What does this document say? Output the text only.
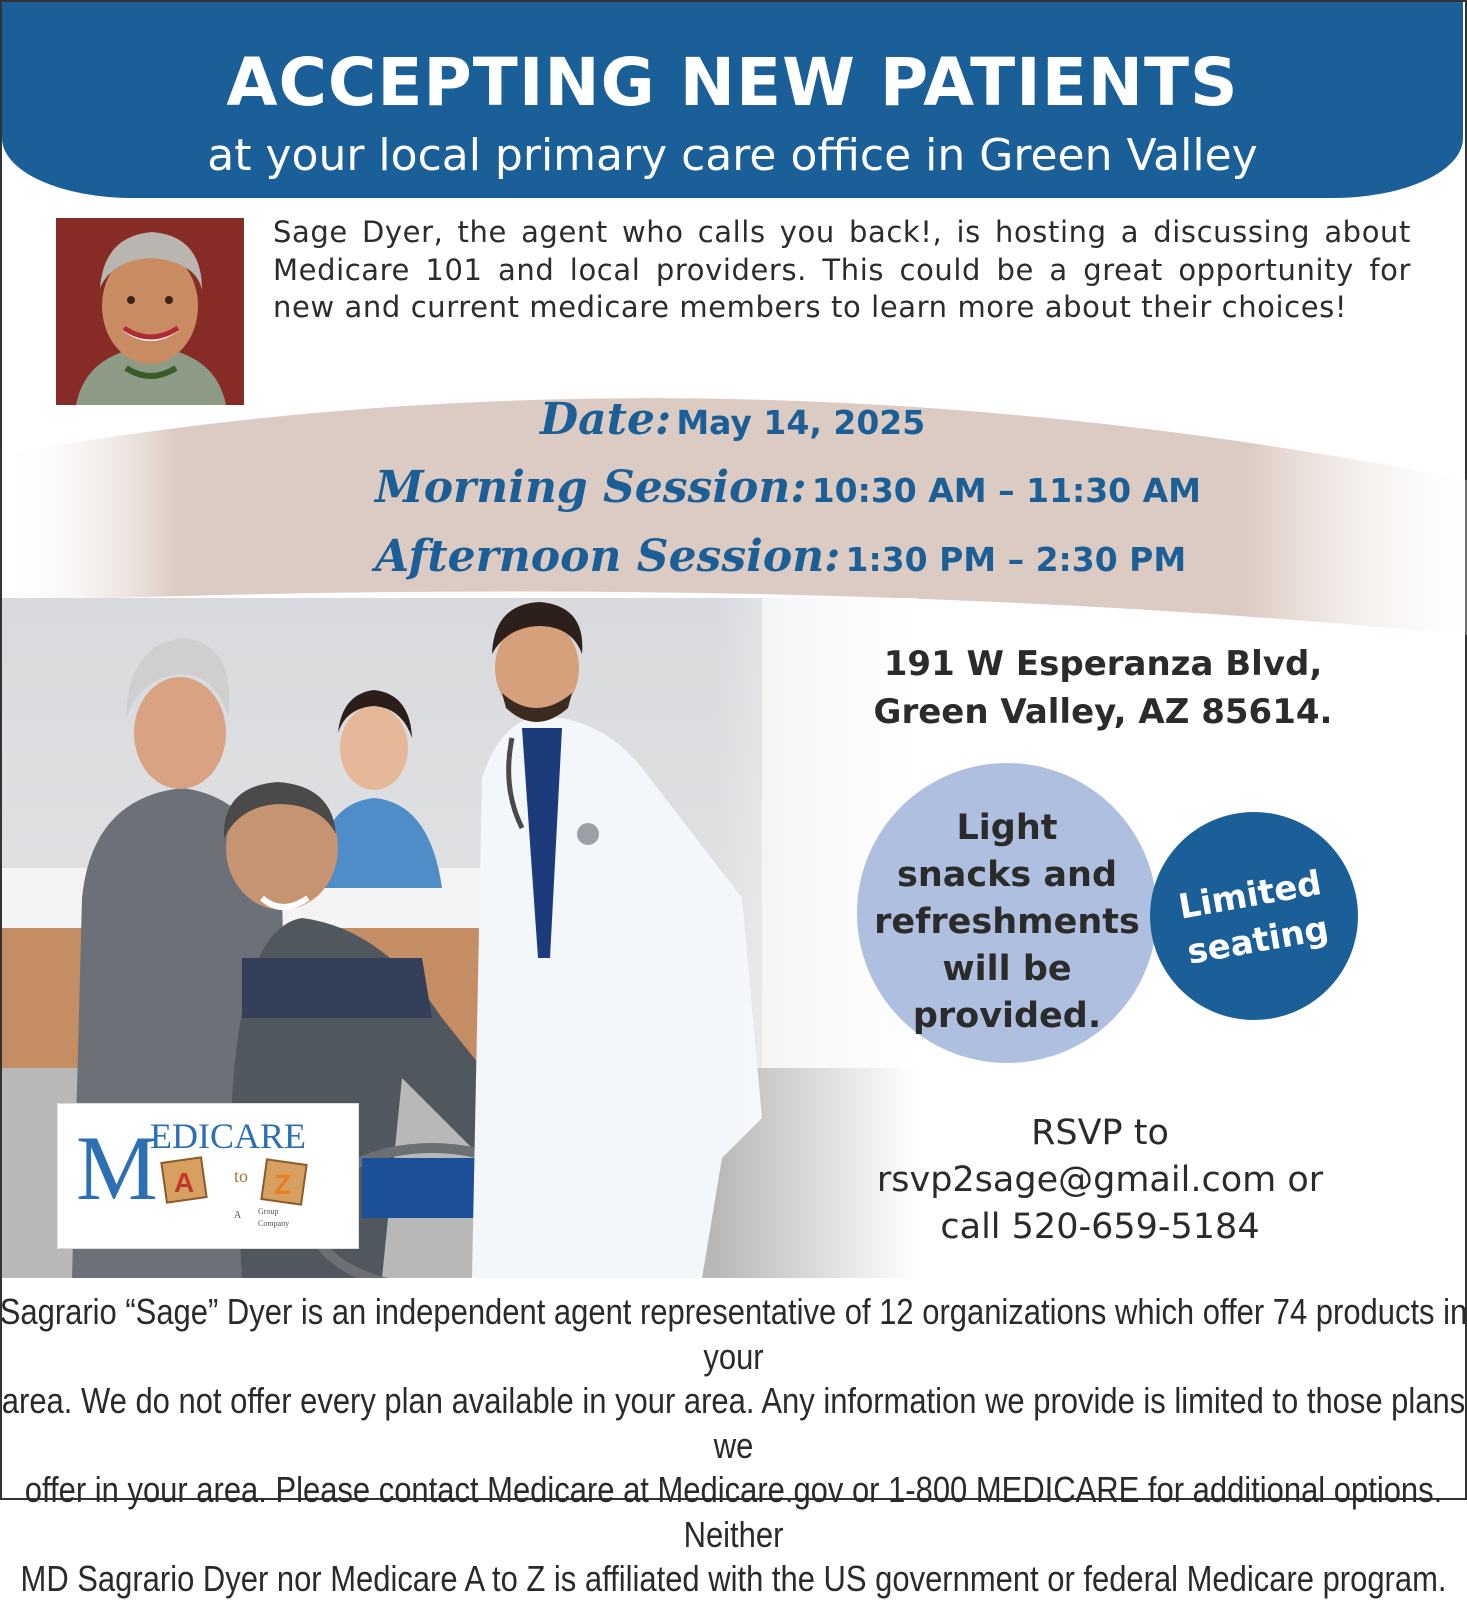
ACCEPTING NEW PATIENTS
at your local primary care office in Green Valley
Sage Dyer, the agent who calls you back!, is hosting a discussing about Medicare 101 and local providers. This could be a great opportunity for new and current medicare members to learn more about their choices!
Date: May 14, 2025
Morning Session: 10:30 AM – 11:30 AM
Afternoon Session: 1:30 PM – 2:30 PM
191 W Esperanza Blvd,
Green Valley, AZ 85614.
Light
snacks and
refreshments
will be
provided.
Limited
seating
RSVP to
rsvp2sage@gmail.com or
call 520-659-5184
M
EDICARE
A to Z
A Group
Company
Sagrario “Sage” Dyer is an independent agent representative of 12 organizations which offer 74 products in your
area. We do not offer every plan available in your area. Any information we provide is limited to those plans we
offer in your area. Please contact Medicare at Medicare.gov or 1-800 MEDICARE for additional options. Neither
MD Sagrario Dyer nor Medicare A to Z is affiliated with the US government or federal Medicare program.
